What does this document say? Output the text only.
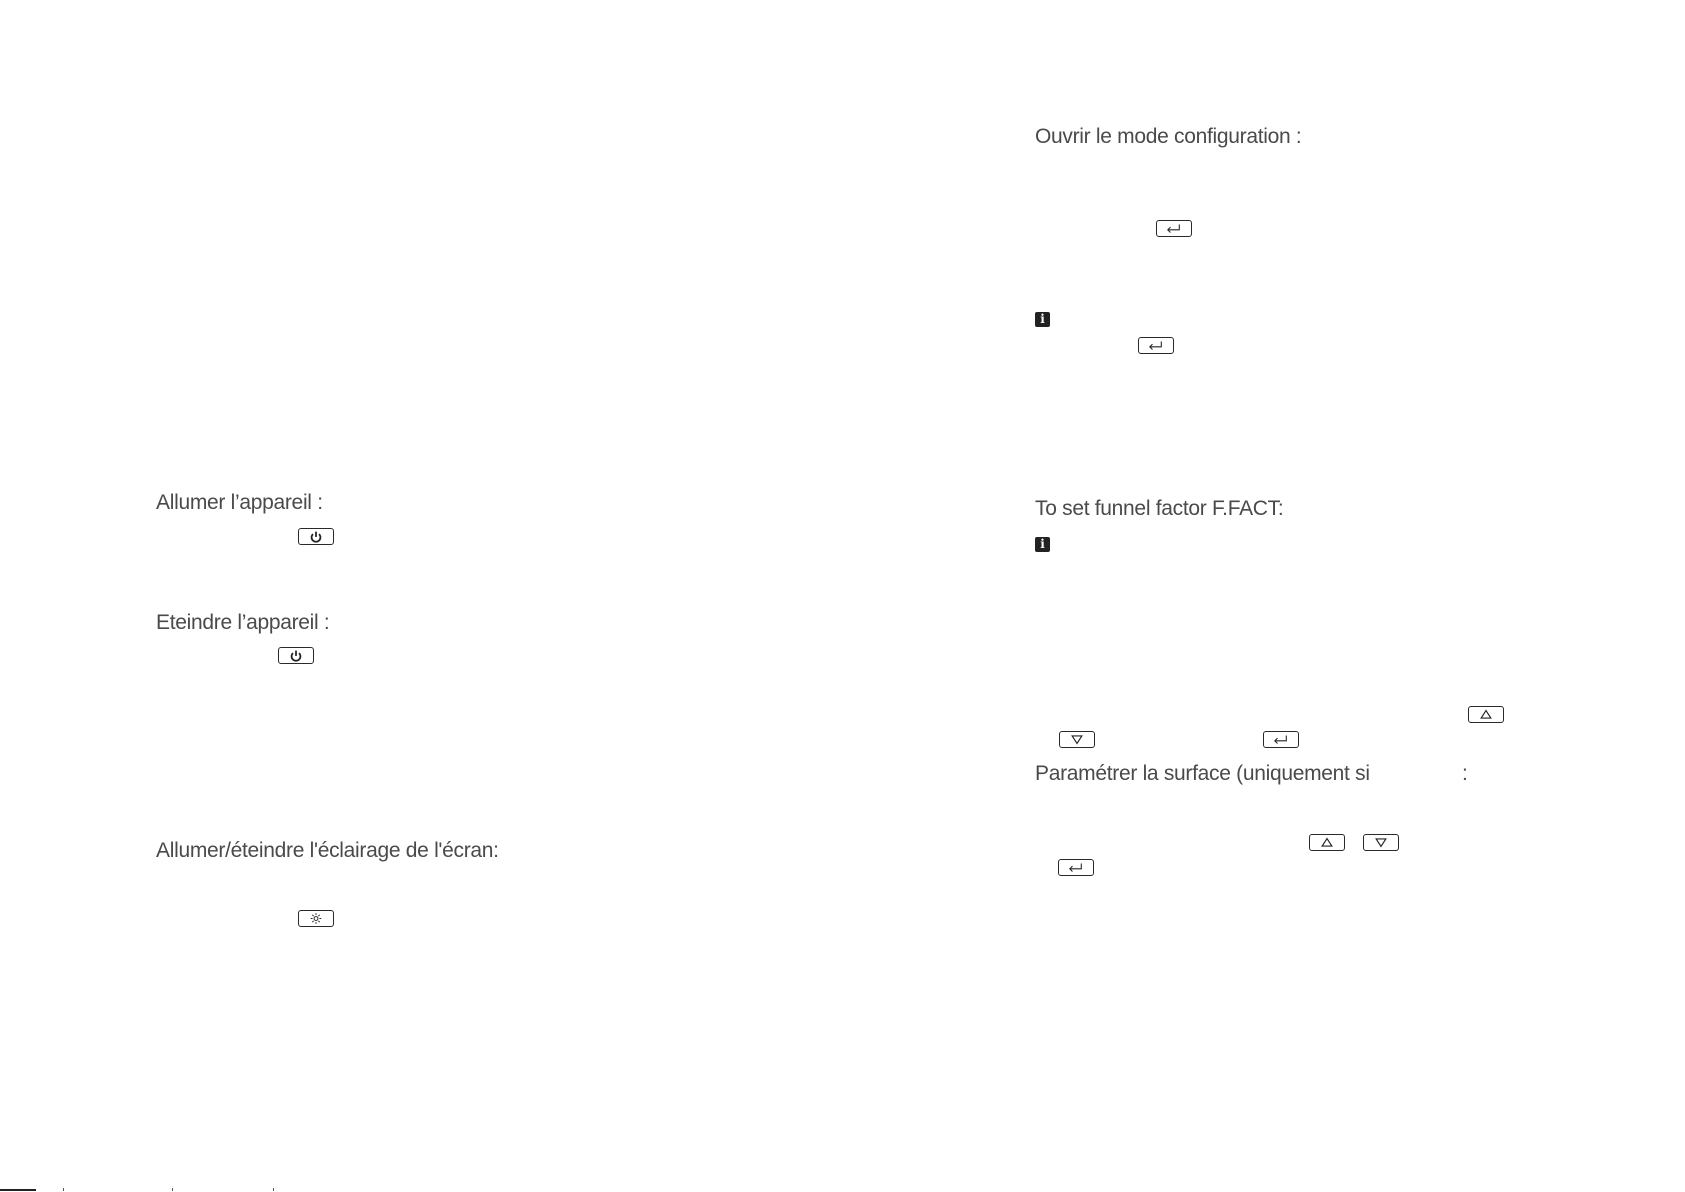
Allumer l’appareil :
Eteindre l’appareil :
Allumer/éteindre l'éclairage de l'écran:
Ouvrir le mode configuration :
i
To set funnel factor F.FACT:
i
Paramétrer la surface (uniquement si	:
